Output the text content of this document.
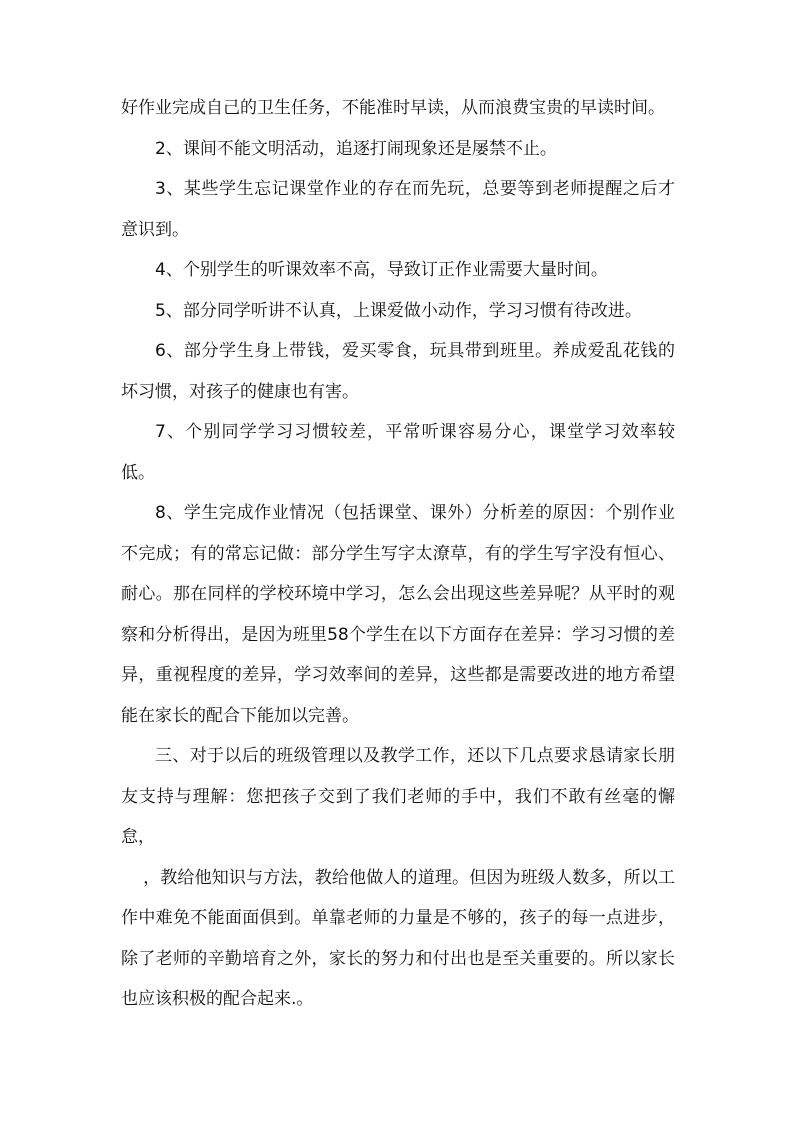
好作业完成自己的卫生任务，不能准时早读，从而浪费宝贵的早读时间。

2、课间不能文明活动，追逐打闹现象还是屡禁不止。

3、某些学生忘记课堂作业的存在而先玩，总要等到老师提醒之后才意识到。

4、个别学生的听课效率不高，导致订正作业需要大量时间。

5、部分同学听讲不认真，上课爱做小动作，学习习惯有待改进。

6、部分学生身上带钱，爱买零食，玩具带到班里。养成爱乱花钱的坏习惯，对孩子的健康也有害。

7、个别同学学习习惯较差，平常听课容易分心，课堂学习效率较低。

8、学生完成作业情况（包括课堂、课外）分析差的原因：个别作业不完成；有的常忘记做：部分学生写字太潦草，有的学生写字没有恒心、耐心。那在同样的学校环境中学习，怎么会出现这些差异呢？从平时的观察和分析得出，是因为班里58个学生在以下方面存在差异：学习习惯的差异，重视程度的差异，学习效率间的差异，这些都是需要改进的地方希望能在家长的配合下能加以完善。

三、对于以后的班级管理以及教学工作，还以下几点要求恳请家长朋友支持与理解：您把孩子交到了我们老师的手中，我们不敢有丝毫的懈怠，

，教给他知识与方法，教给他做人的道理。但因为班级人数多，所以工作中难免不能面面俱到。单靠老师的力量是不够的，孩子的每一点进步，除了老师的辛勤培育之外，家长的努力和付出也是至关重要的。所以家长也应该积极的配合起来.。
